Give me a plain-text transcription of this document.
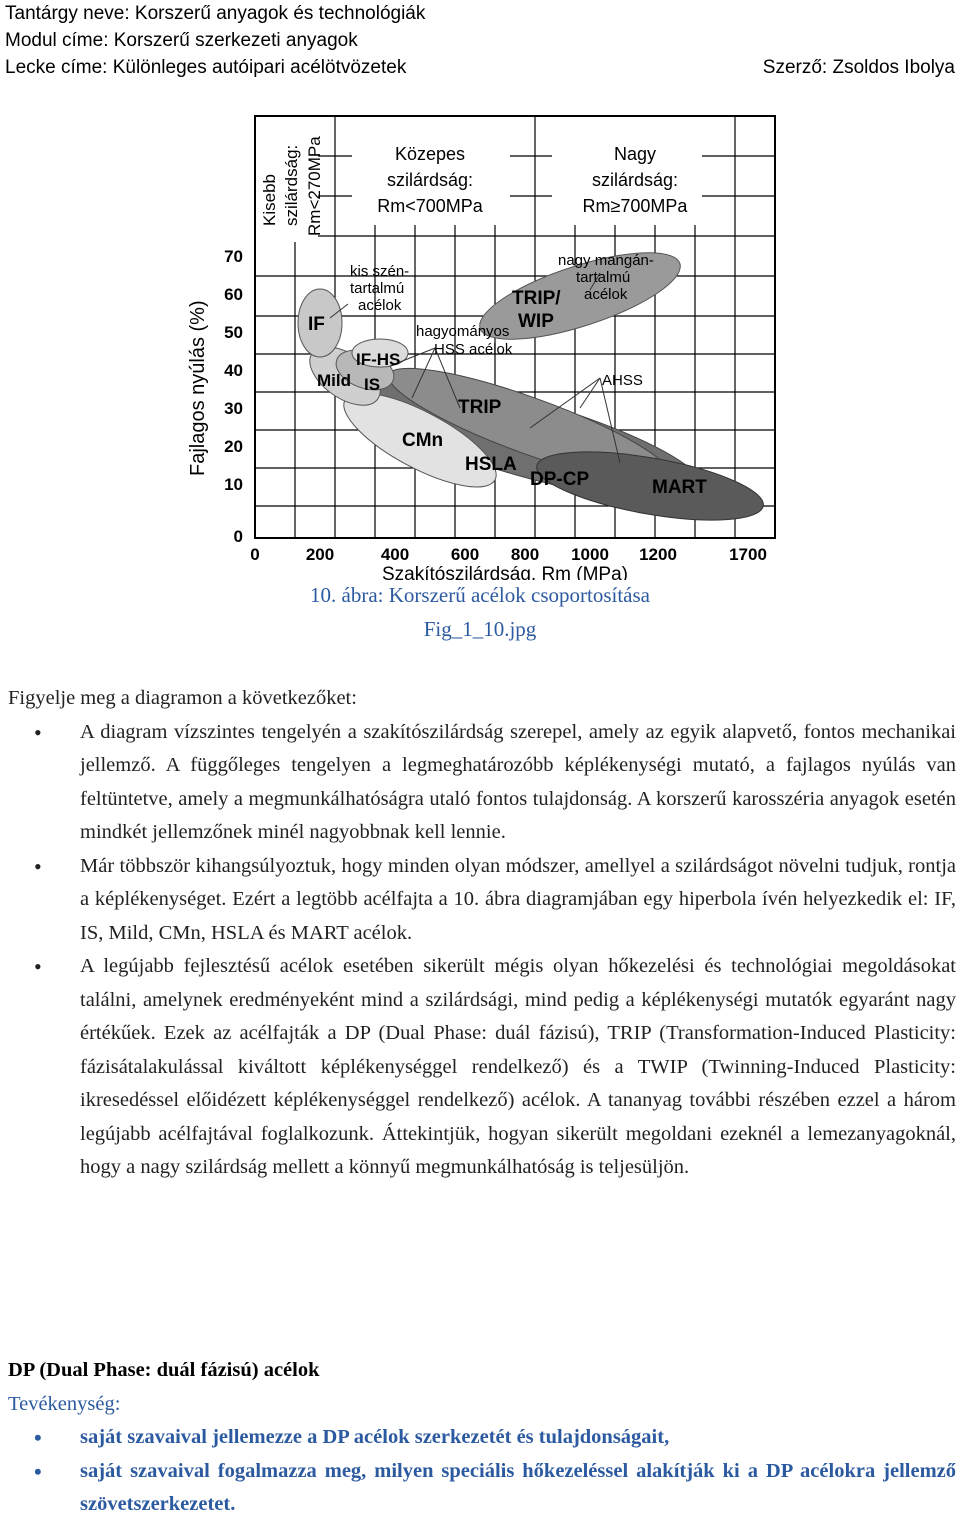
Tantárgy neve: Korszerű anyagok és technológiák
Modul címe: Korszerű szerkezeti anyagok
Lecke címe: Különleges autóipari acélötvözetek	Szerző: Zsoldos Ibolya
Kisebb szilárdság: Rm<270MPa	Közepes
szilárdság:
Rm<700MPa
Nagy
szilárdság:
Rm≥700MPa
IF
IF-HS
Mild IS
CMn
TRIP
HSLA
DP-CP	MART
TRIP/
WIP
AHSS
kis szén-
tartalmú
acélok
hagyományos
HSS acélok
nagy mangán-
tartalmú
acélok
70
60
50
40
30
20
10
0
0	200	400 600 800 1000 1200	1700
Fajlagos nyúlás (%)
Szakítószilárdság, Rm (MPa)
10. ábra: Korszerű acélok csoportosítása
Fig_1_10.jpg

Figyelje meg a diagramon a következőket:

• A diagram vízszintes tengelyén a szakítószilárdság szerepel, amely az egyik alapvető, fontos mechanikai jellemző. A függőleges tengelyen a legmeghatározóbb képlékenységi mutató, a fajlagos nyúlás van feltüntetve, amely a megmunkálhatóságra utaló fontos tulajdonság. A korszerű karosszéria anyagok esetén mindkét jellemzőnek minél nagyobbnak kell lennie.
• Már többször kihangsúlyoztuk, hogy minden olyan módszer, amellyel a szilárdságot növelni tudjuk, rontja a képlékenységet. Ezért a legtöbb acélfajta a 10. ábra diagramjában egy hiperbola ívén helyezkedik el: IF, IS, Mild, CMn, HSLA és MART acélok.
• A legújabb fejlesztésű acélok esetében sikerült mégis olyan hőkezelési és technológiai megoldásokat találni, amelynek eredményeként mind a szilárdsági, mind pedig a képlékenységi mutatók egyaránt nagy értékűek. Ezek az acélfajták a DP (Dual Phase: duál fázisú), TRIP (Transformation-Induced Plasticity: fázisátalakulással kiváltott képlékenységgel rendelkező) és a TWIP (Twinning-Induced Plasticity: ikresedéssel előidézett képlékenységgel rendelkező) acélok. A tananyag további részében ezzel a három legújabb acélfajtával foglalkozunk. Áttekintjük, hogyan sikerült megoldani ezeknél a lemezanyagoknál, hogy a nagy szilárdság mellett a könnyű megmunkálhatóság is teljesüljön.
DP (Dual Phase: duál fázisú) acélok
Tevékenység:
• saját szavaival jellemezze a DP acélok szerkezetét és tulajdonságait,
• saját szavaival fogalmazza meg, milyen speciális hőkezeléssel alakítják ki a DP acélokra jellemző szövetszerkezetet.
